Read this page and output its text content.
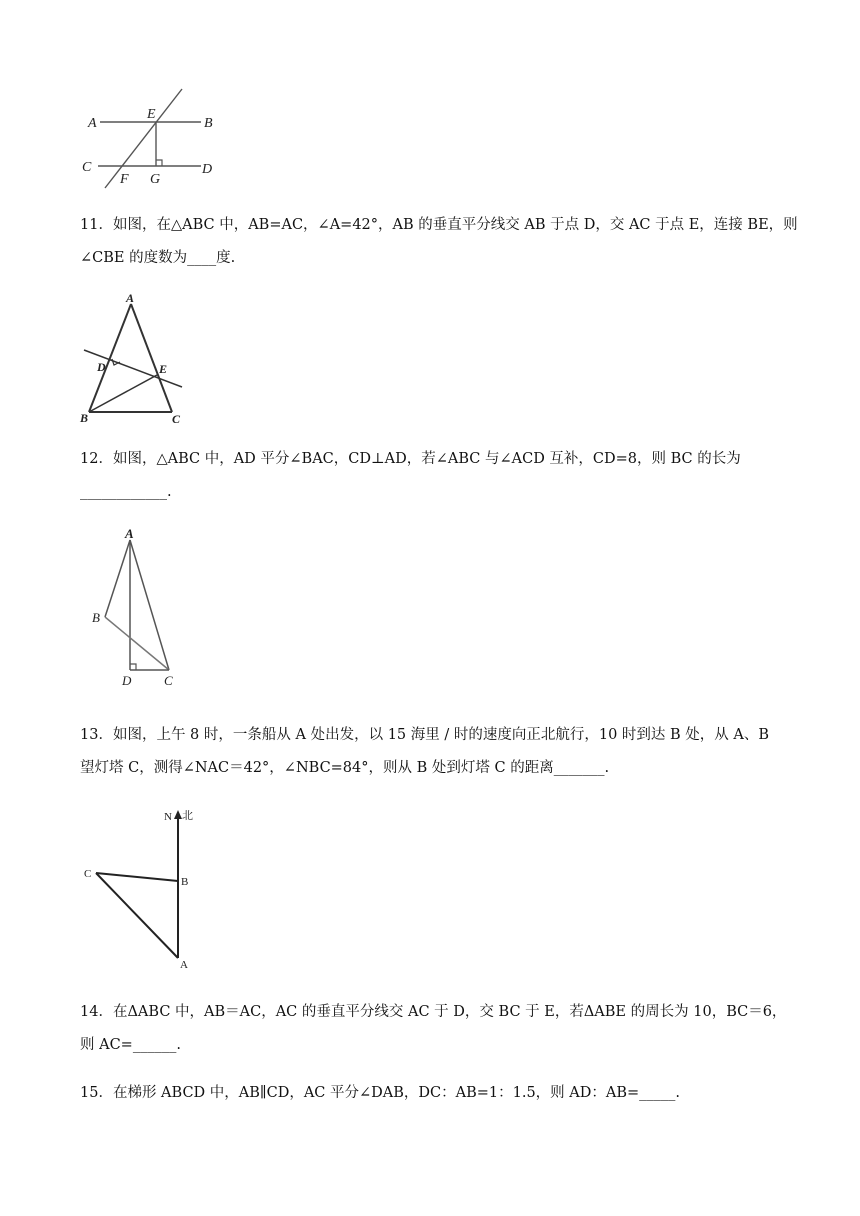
A
E
B
C
F G
D
11．如图，在△ABC 中，AB=AC，∠A=42°，AB 的垂直平分线交 AB 于点 D，交 AC 于点 E，连接 BE，则
∠CBE 的度数为____度.
A
D	E
B	C
12．如图，△ABC 中，AD 平分∠BAC，CD⊥AD，若∠ABC 与∠ACD 互补，CD=8，则 BC 的长为
____________.
A
B
D	C
13．如图，上午 8 时，一条船从 A 处出发，以 15 海里 / 时的速度向正北航行，10 时到达 B 处，从 A、B
望灯塔 C，测得∠NAC＝42°，∠NBC=84°，则从 B 处到灯塔 C 的距离_______.
N 北
C
B
A
14．在ΔABC 中，AB＝AC，AC 的垂直平分线交 AC 于 D，交 BC 于 E，若ΔABE 的周长为 10，BC＝6，
则 AC=______.
15．在梯形 ABCD 中，AB∥CD，AC 平分∠DAB，DC：AB=1：1.5，则 AD：AB=_____.
